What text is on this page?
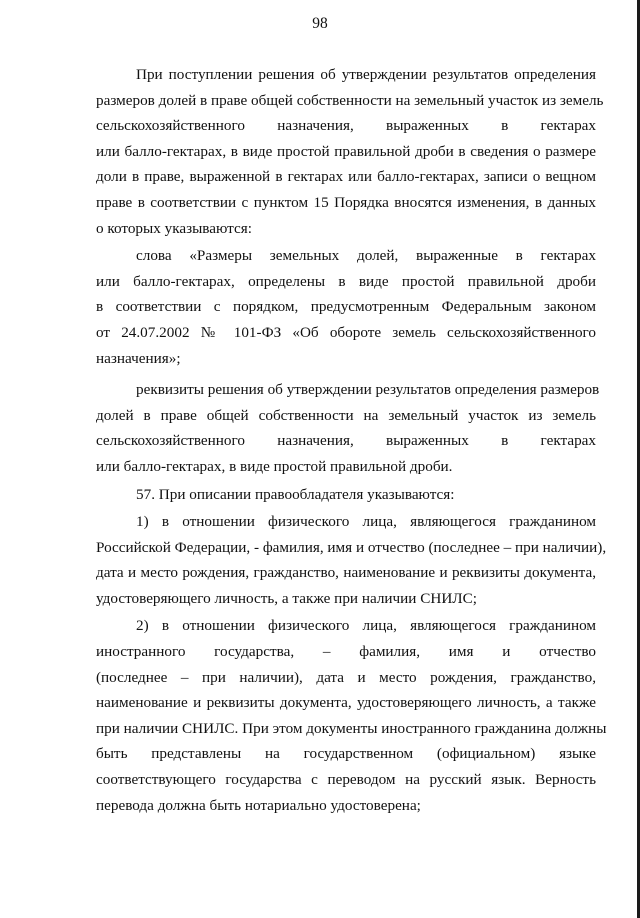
98
При поступлении решения об утверждении результатов определения
размеров долей в праве общей собственности на земельный участок из земель
сельскохозяйственного назначения, выраженных в гектарах
или балло-гектарах, в виде простой правильной дроби в сведения о размере
доли в праве, выраженной в гектарах или балло-гектарах, записи о вещном
праве в соответствии с пунктом 15 Порядка вносятся изменения, в данных
о которых указываются:
слова «Размеры земельных долей, выраженные в гектарах
или балло-гектарах, определены в виде простой правильной дроби
в соответствии с порядком, предусмотренным Федеральным законом
от 24.07.2002 № 101-ФЗ «Об обороте земель сельскохозяйственного
назначения»;
реквизиты решения об утверждении результатов определения размеров
долей в праве общей собственности на земельный участок из земель
сельскохозяйственного назначения, выраженных в гектарах
или балло-гектарах, в виде простой правильной дроби.
57. При описании правообладателя указываются:
1) в отношении физического лица, являющегося гражданином
Российской Федерации, - фамилия, имя и отчество (последнее – при наличии),
дата и место рождения, гражданство, наименование и реквизиты документа,
удостоверяющего личность, а также при наличии СНИЛС;
2) в отношении физического лица, являющегося гражданином
иностранного государства, – фамилия, имя и отчество
(последнее – при наличии), дата и место рождения, гражданство,
наименование и реквизиты документа, удостоверяющего личность, а также
при наличии СНИЛС. При этом документы иностранного гражданина должны
быть представлены на государственном (официальном) языке
соответствующего государства с переводом на русский язык. Верность
перевода должна быть нотариально удостоверена;
